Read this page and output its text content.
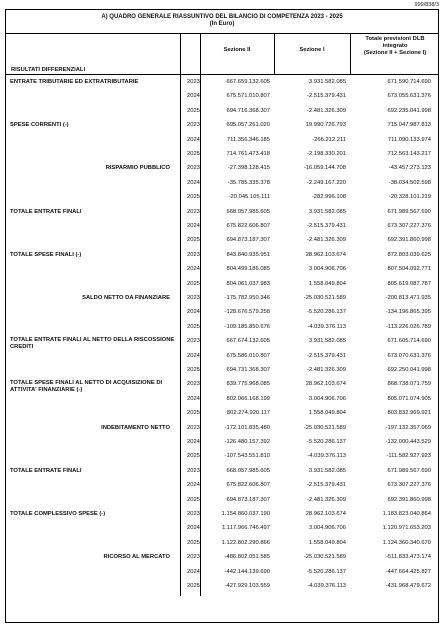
999/838/3
A) QUADRO GENERALE RIASSUNTIVO DEL BILANCIO DI COMPETENZA 2023 - 2025
(In Euro)
Sezione II	Sezione I
Totale previsioni DLB
integrato
(Sezione II + Sezione I)
RISULTATI DIFFERENZIALI
ENTRATE TRIBUTARIE ED EXTRATRIBUTARIE	2023	667.659.132.605	3.931.582.085	671.590.714.690
2024	675.571.010.807	-2.515.379.431	673.055.631.376
2025	694.716.368.307	-2.481.326.309	692.235.041.998
SPESE CORRENTI (-)	2023	695.057.261.020	19.990.726.793	715.047.987.813
2024	711.356.346.185	-266.212.211	711.090.133.974
2025	714.761.473.418	-2.198.330.201	712.563.143.217
RISPARMIO PUBBLICO	2023	-27.398.128.415	-16.059.144.708	-43.457.273.123
2024	-35.785.335.378	-2.249.167.220	-38.034.502.598
2025	-20.045.105.111	-282.996.108	-20.328.101.219
TOTALE ENTRATE FINALI	2023	668.057.985.605	3.931.582.085	671.989.567.690
2024	675.822.606.807	-2.515.379.431	673.307.227.376
2025	694.873.187.307	-2.481.326.309	692.391.860.998
TOTALE SPESE FINALI (-)	2023	843.840.935.951	28.962.103.674	872.803.039.625
2024	804.499.186.085	3.004.906.706	807.504.092.771
2025	804.061.037.983	1.558.049.804	805.619.087.787
SALDO NETTO DA FINANZIARE	2023	-175.782.950.346	-25.030.521.589	-200.813.471.935
2024	-128.676.579.258	-5.520.286.137	-134.196.865.395
2025	-109.185.850.676	-4.039.376.113	-113.226.026.789
TOTALE ENTRATE FINALI AL NETTO DELLA RISCOSSIONE CREDITI
2023	667.674.132.605	3.931.582.085	671.605.714.690
2024	675.586.010.807	-2.515.379.431	673.070.631.376
2025	694.731.368.307	-2.481.326.309	692.250.041.998
TOTALE SPESE FINALI AL NETTO DI ACQUISIZIONE DI ATTIVITA' FINANZIARIE (-)
2023	839.775.968.085	28.962.103.674	868.738.071.759
2024	802.066.168.199	3.004.906.706	805.071.074.905
2025	802.274.920.117	1.558.049.804	803.832.969.921
INDEBITAMENTO NETTO	2023	-172.101.835.480	-25.030.521.589	-197.132.357.069
2024	-126.480.157.392	-5.520.286.137	-132.000.443.529
2025	-107.543.551.810	-4.039.376.113	-111.582.927.923
TOTALE ENTRATE FINALI	2023	668.057.985.605	3.931.582.085	671.989.567.690
2024	675.822.606.807	-2.515.379.431	673.307.227.376
2025	694.873.187.307	-2.481.326.309	692.391.860.998
TOTALE COMPLESSIVO SPESE (-)	2023	1.154.860.037.190	28.962.103.674	1.183.823.040.864
2024	1.117.966.746.497	3.004.906.706	1.120.971.653.203
2025	1.122.802.290.866	1.558.049.804	1.124.360.340.670
RICORSO AL MERCATO	2023	-486.802.051.585	-25.030.521.589	-511.833.473.174
2024	-442.144.139.690	-5.520.286.137	-447.664.425.827
2025	-427.929.103.559	-4.039.376.113	-431.968.479.672
